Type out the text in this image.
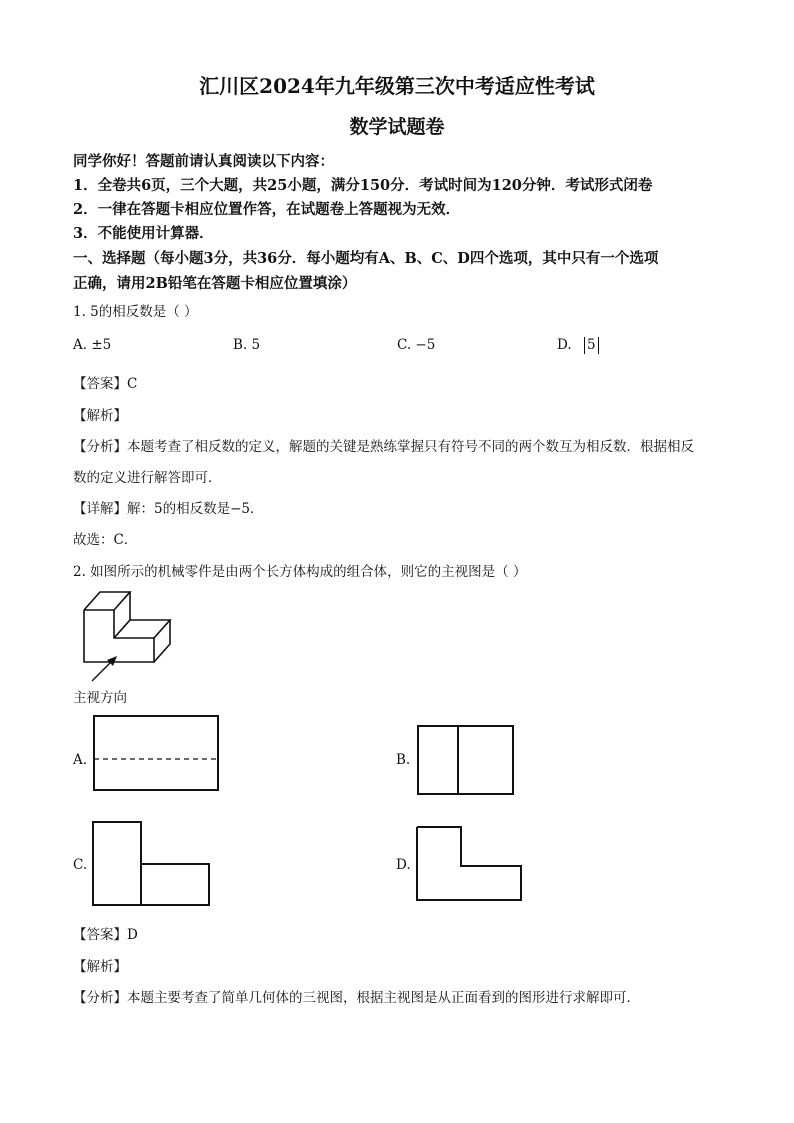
汇川区2024年九年级第三次中考适应性考试
数学试题卷
同学你好！答题前请认真阅读以下内容：
1．全卷共6页，三个大题，共25小题，满分150分．考试时间为120分钟．考试形式闭卷
2．一律在答题卡相应位置作答，在试题卷上答题视为无效．
3．不能使用计算器．
一、选择题（每小题3分，共36分．每小题均有A、B、C、D四个选项，其中只有一个选项
正确，请用2B铅笔在答题卡相应位置填涂）
1. 5的相反数是（ ）
A. ±5	B. 5	C. −5	D. 5
【答案】C
【解析】
【分析】本题考查了相反数的定义，解题的关键是熟练掌握只有符号不同的两个数互为相反数．根据相反
数的定义进行解答即可．
【详解】解：5的相反数是−5．
故选：C．
2. 如图所示的机械零件是由两个长方体构成的组合体，则它的主视图是（ ）
主视方向
A.	B.
C.	D.
【答案】D
【解析】
【分析】本题主要考查了简单几何体的三视图，根据主视图是从正面看到的图形进行求解即可．
